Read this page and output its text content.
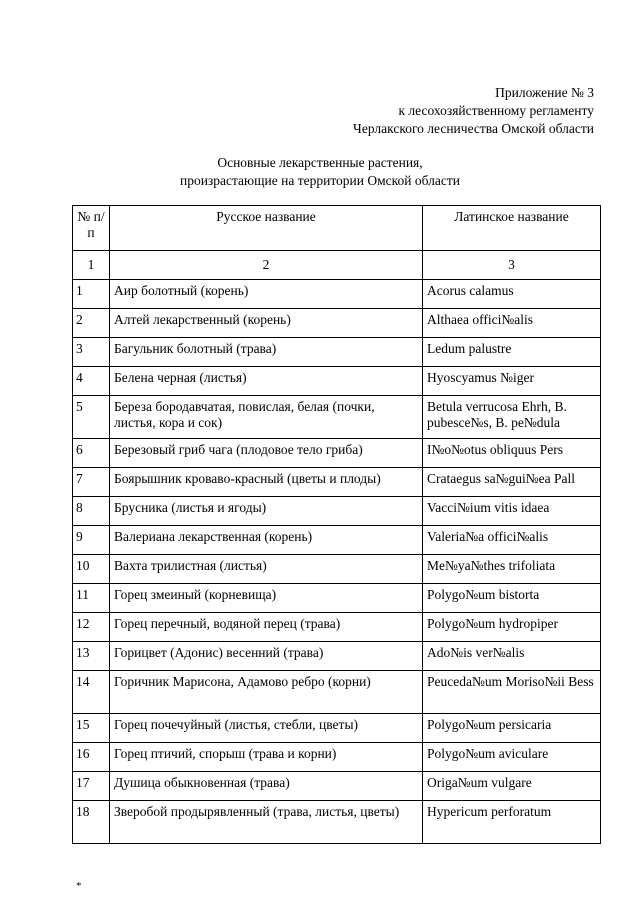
Приложение № 3
к лесохозяйственному регламенту
Черлакского лесничества Омской области
Основные лекарственные растения,
произрастающие на территории Омской области
№ п/п	Русское название	Латинское название
1	2	3
1	Аир болотный (корень)	Acorus calamus
2	Алтей лекарственный (корень)	Althaea offici№alis
3	Багульник болотный (трава)	Ledum palustre
4	Белена черная (листья)	Hyoscyamus №iger
5	Береза бородавчатая, повислая, белая (почки, листья, кора и сок)	Betula verrucosa Ehrh, B. pubesce№s, B. pe№dula
6	Березовый гриб чага (плодовое тело гриба)	I№o№otus obliquus Pers
7	Боярышник кроваво-красный (цветы и плоды)	Crataegus sa№gui№ea Pall
8	Брусника (листья и ягоды)	Vacci№ium vitis idaea
9	Валериана лекарственная (корень)	Valeria№a offici№alis
10	Вахта трилистная (листья)	Me№ya№thes trifoliata
11	Горец змеиный (корневища)	Polygo№um bistorta
12	Горец перечный, водяной перец (трава)	Polygo№um hydropiper
13	Горицвет (Адонис) весенний (трава)	Ado№is ver№alis
14	Горичник Марисона, Адамово ребро (корни)	Peuceda№um Moriso№ii Bess
15	Горец почечуйный (листья, стебли, цветы)	Polygo№um persicaria
16	Горец птичий, спорыш (трава и корни)	Polygo№um aviculare
17	Душица обыкновенная (трава)	Origa№um vulgare
18	Зверобой продырявленный (трава, листья, цветы)	Hypericum perforatum
*
